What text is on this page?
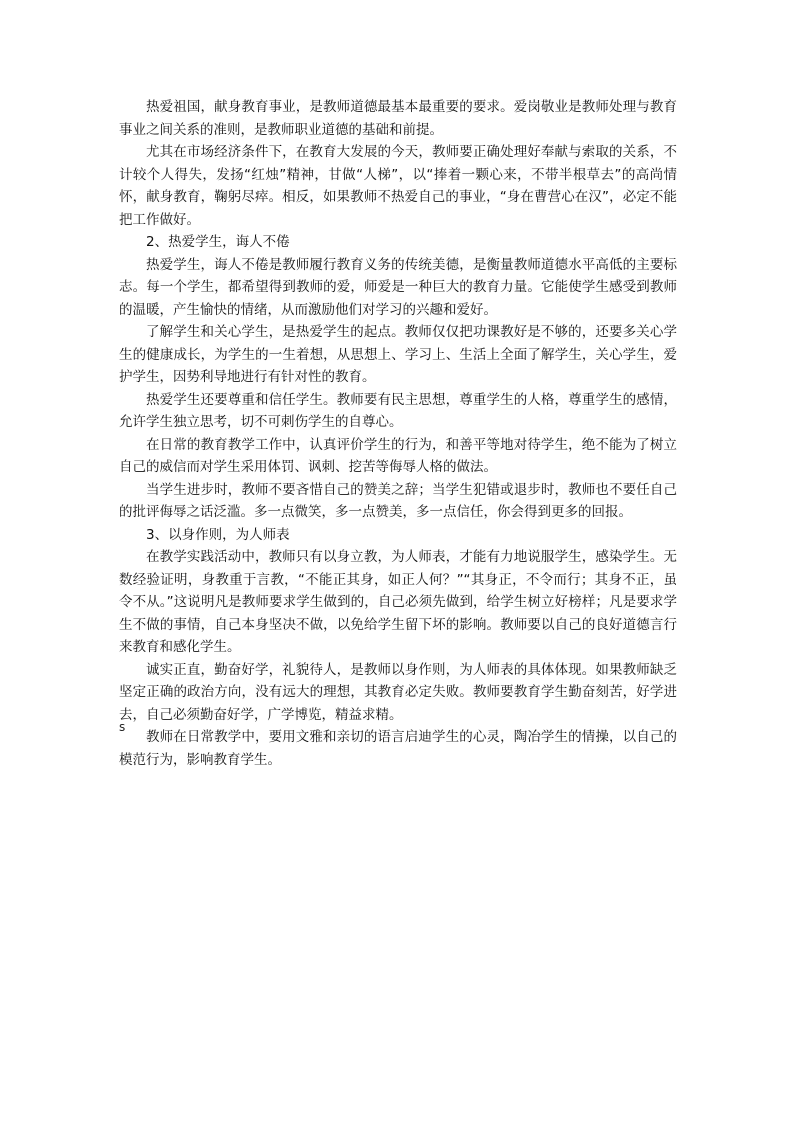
热爱祖国，献身教育事业，是教师道德最基本最重要的要求。爱岗敬业是教师处理与教育事业之间关系的准则，是教师职业道德的基础和前提。

尤其在市场经济条件下，在教育大发展的今天，教师要正确处理好奉献与索取的关系，不计较个人得失，发扬“红烛”精神，甘做“人梯”，以“捧着一颗心来，不带半根草去”的高尚情怀，献身教育，鞠躬尽瘁。相反，如果教师不热爱自己的事业，“身在曹营心在汉”，必定不能把工作做好。

2、热爱学生，诲人不倦

热爱学生，诲人不倦是教师履行教育义务的传统美德，是衡量教师道德水平高低的主要标志。每一个学生，都希望得到教师的爱，师爱是一种巨大的教育力量。它能使学生感受到教师的温暖，产生愉快的情绪，从而激励他们对学习的兴趣和爱好。

了解学生和关心学生，是热爱学生的起点。教师仅仅把功课教好是不够的，还要多关心学生的健康成长，为学生的一生着想，从思想上、学习上、生活上全面了解学生，关心学生，爱护学生，因势利导地进行有针对性的教育。

热爱学生还要尊重和信任学生。教师要有民主思想，尊重学生的人格，尊重学生的感情，允许学生独立思考，切不可刺伤学生的自尊心。

在日常的教育教学工作中，认真评价学生的行为，和善平等地对待学生，绝不能为了树立自己的威信而对学生采用体罚、讽刺、挖苦等侮辱人格的做法。

当学生进步时，教师不要吝惜自己的赞美之辞；当学生犯错或退步时，教师也不要任自己的批评侮辱之话泛滥。多一点微笑，多一点赞美，多一点信任，你会得到更多的回报。

3、以身作则，为人师表

在教学实践活动中，教师只有以身立教，为人师表，才能有力地说服学生，感染学生。无数经验证明，身教重于言教，“不能正其身，如正人何？”“其身正，不令而行；其身不正，虽令不从。”这说明凡是教师要求学生做到的，自己必须先做到，给学生树立好榜样；凡是要求学生不做的事情，自己本身坚决不做，以免给学生留下坏的影响。教师要以自己的良好道德言行来教育和感化学生。

诚实正直，勤奋好学，礼貌待人，是教师以身作则，为人师表的具体体现。如果教师缺乏坚定正确的政治方向，没有远大的理想，其教育必定失败。教师要教育学生勤奋刻苦，好学进去，自己必须勤奋好学，广学博览，精益求精。

教师在日常教学中，要用文雅和亲切的语言启迪学生的心灵，陶冶学生的情操，以自己的模范行为，影响教育学生。

s
